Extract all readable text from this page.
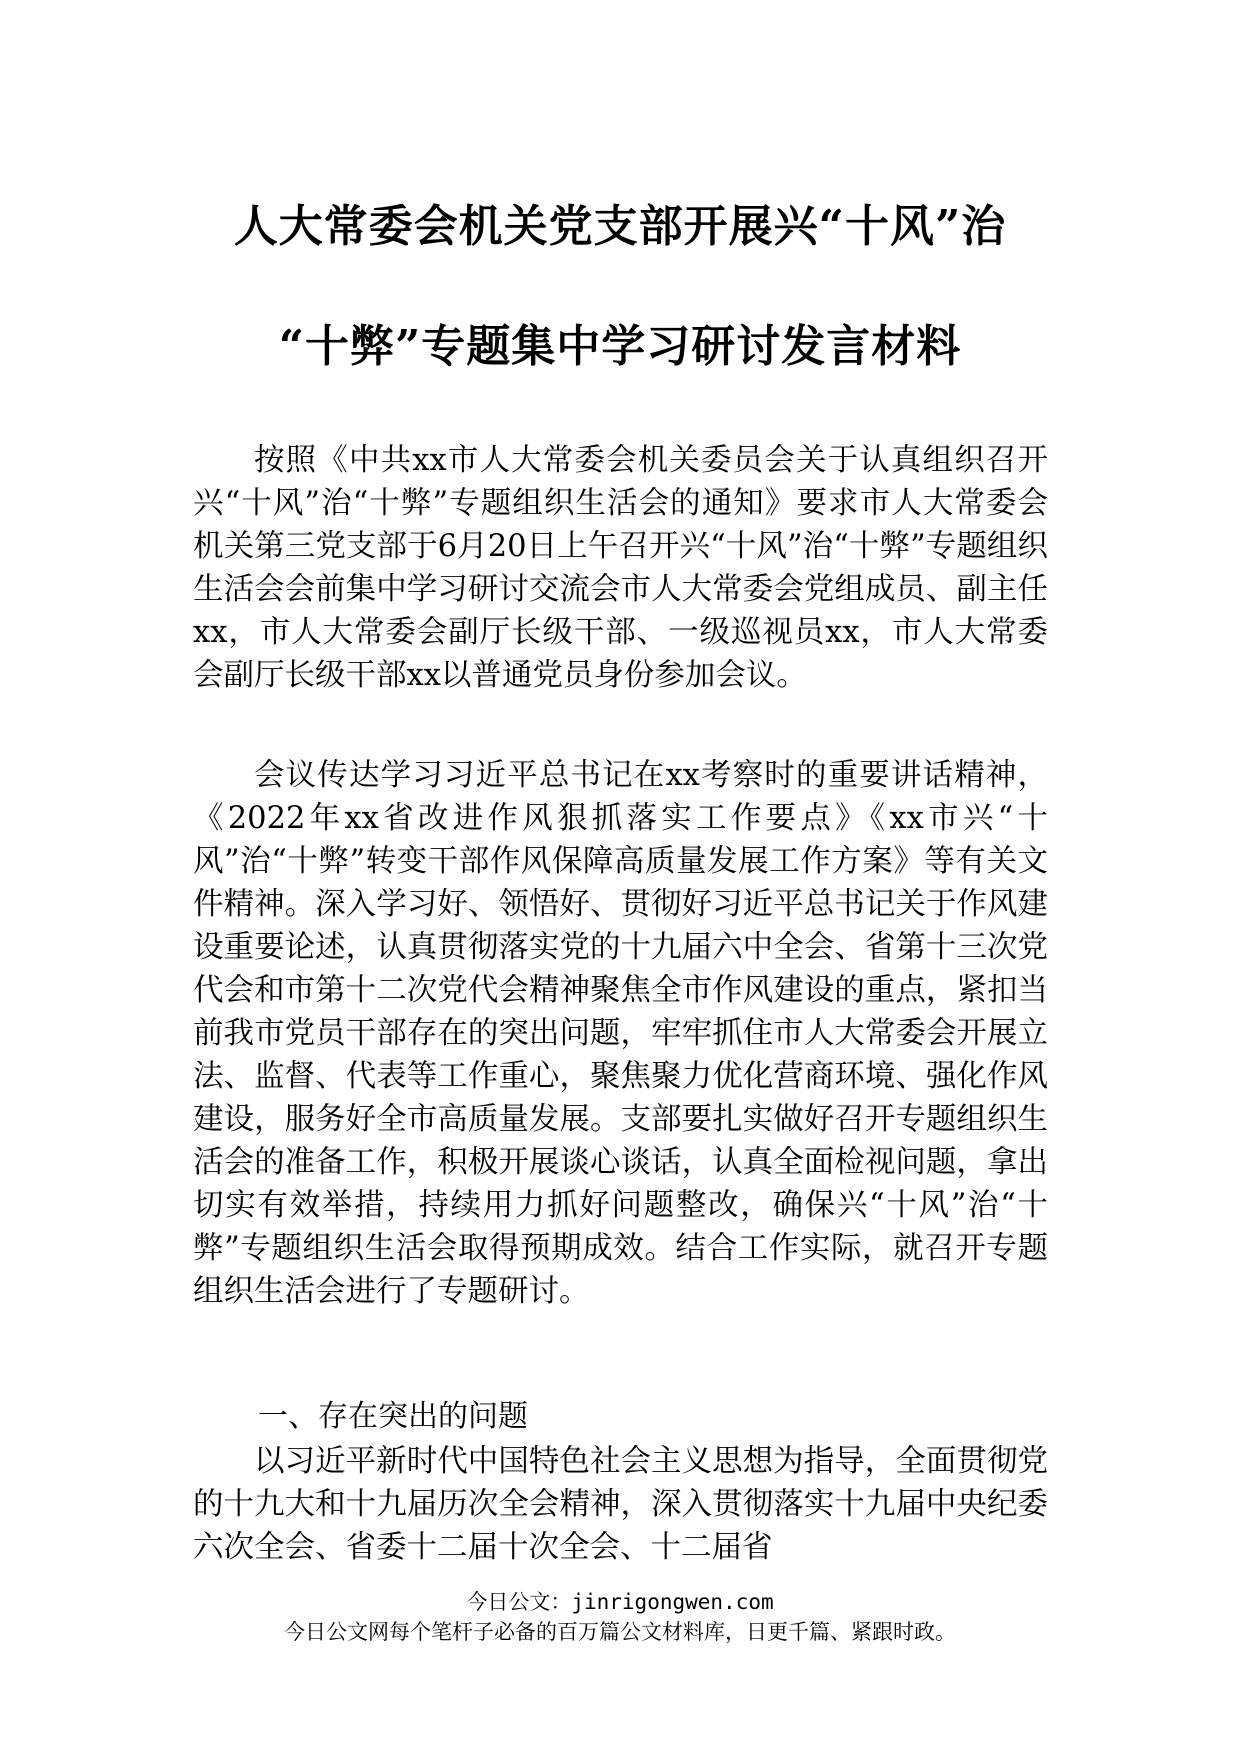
人大常委会机关党支部开展兴“十风”治
“十弊”专题集中学习研讨发言材料

按照《中共xx市人大常委会机关委员会关于认真组织召开兴“十风”治“十弊”专题组织生活会的通知》要求市人大常委会机关第三党支部于6月20日上午召开兴“十风”治“十弊”专题组织生活会会前集中学习研讨交流会市人大常委会党组成员、副主任xx，市人大常委会副厅长级干部、一级巡视员xx，市人大常委会副厅长级干部xx以普通党员身份参加会议。

会议传达学习习近平总书记在xx考察时的重要讲话精神，《2022年xx省改进作风狠抓落实工作要点》《xx市兴“十风”治“十弊”转变干部作风保障高质量发展工作方案》等有关文件精神。深入学习好、领悟好、贯彻好习近平总书记关于作风建设重要论述，认真贯彻落实党的十九届六中全会、省第十三次党代会和市第十二次党代会精神聚焦全市作风建设的重点，紧扣当前我市党员干部存在的突出问题，牢牢抓住市人大常委会开展立法、监督、代表等工作重心，聚焦聚力优化营商环境、强化作风建设，服务好全市高质量发展。支部要扎实做好召开专题组织生活会的准备工作，积极开展谈心谈话，认真全面检视问题，拿出切实有效举措，持续用力抓好问题整改，确保兴“十风”治“十弊”专题组织生活会取得预期成效。结合工作实际，就召开专题组织生活会进行了专题研讨。

一、存在突出的问题

以习近平新时代中国特色社会主义思想为指导，全面贯彻党的十九大和十九届历次全会精神，深入贯彻落实十九届中央纪委六次全会、省委十二届十次全会、十二届省

今日公文：jinrigongwen.com
今日公文网每个笔杆子必备的百万篇公文材料库，日更千篇、紧跟时政。
